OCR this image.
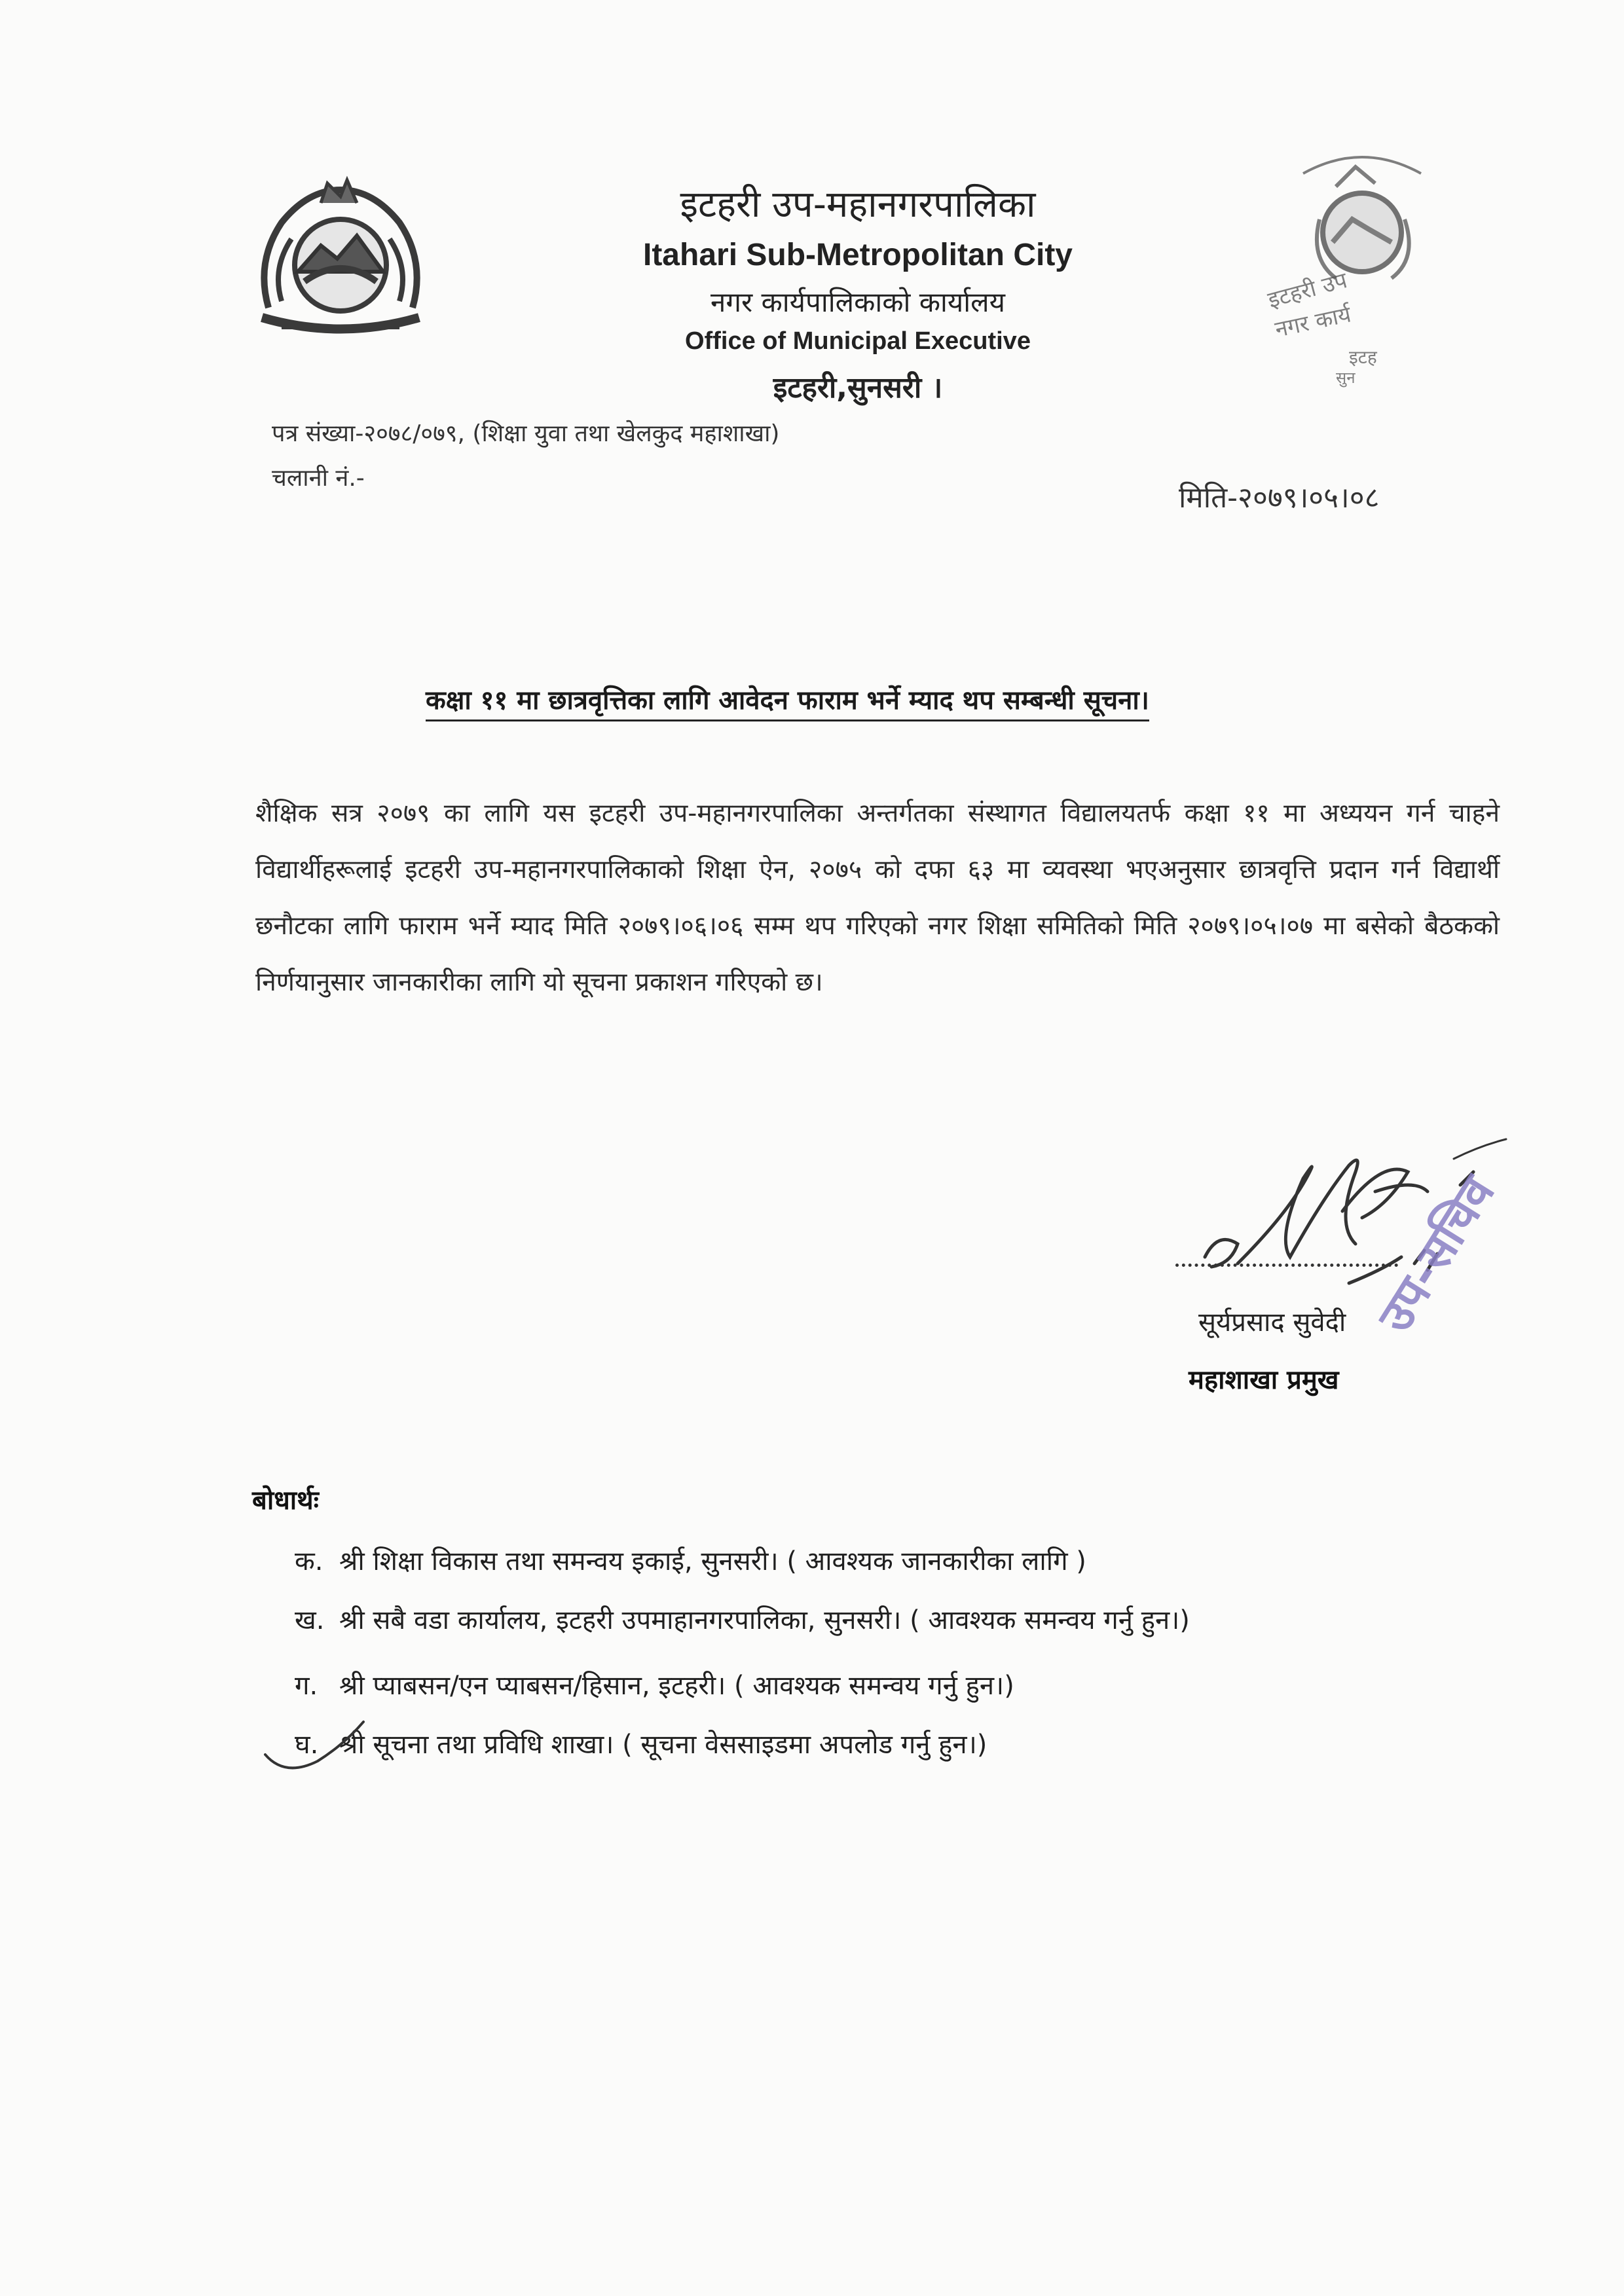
इटहरी उप
नगर कार्य
इटह
सुन
इटहरी उप-महानगरपालिका
Itahari Sub-Metropolitan City
नगर कार्यपालिकाको कार्यालय
Office of Municipal Executive
इटहरी,सुनसरी ।
पत्र संख्या-२०७८/०७९, (शिक्षा युवा तथा खेलकुद महाशाखा)
चलानी नं.-
मिति-२०७९।०५।०८
कक्षा ११ मा छात्रवृत्तिका लागि आवेदन फाराम भर्ने म्याद थप सम्बन्धी सूचना।
शैक्षिक सत्र २०७९ का लागि यस इटहरी उप-महानगरपालिका अन्तर्गतका संस्थागत विद्यालयतर्फ कक्षा ११ मा अध्ययन गर्न चाहने विद्यार्थीहरूलाई इटहरी उप-महानगरपालिकाको शिक्षा ऐन, २०७५ को दफा ६३ मा व्यवस्था भएअनुसार छात्रवृत्ति प्रदान गर्न विद्यार्थी छनौटका लागि फाराम भर्ने म्याद मिति २०७९।०६।०६ सम्म थप गरिएको नगर शिक्षा समितिको मिति २०७९।०५।०७ मा बसेको बैठकको निर्णयानुसार जानकारीका लागि यो सूचना प्रकाशन गरिएको छ।
सूर्यप्रसाद सुवेदी
महाशाखा प्रमुख
उप-सचिव
बोधार्थः
क. श्री शिक्षा विकास तथा समन्वय इकाई, सुनसरी। ( आवश्यक जानकारीका लागि )
ख. श्री सबै वडा कार्यालय, इटहरी उपमाहानगरपालिका, सुनसरी। ( आवश्यक समन्वय गर्नु हुन।)
ग. श्री प्याबसन/एन प्याबसन/हिसान, इटहरी। ( आवश्यक समन्वय गर्नु हुन।)
घ. श्री सूचना तथा प्रविधि शाखा। ( सूचना वेससाइडमा अपलोड गर्नु हुन।)
